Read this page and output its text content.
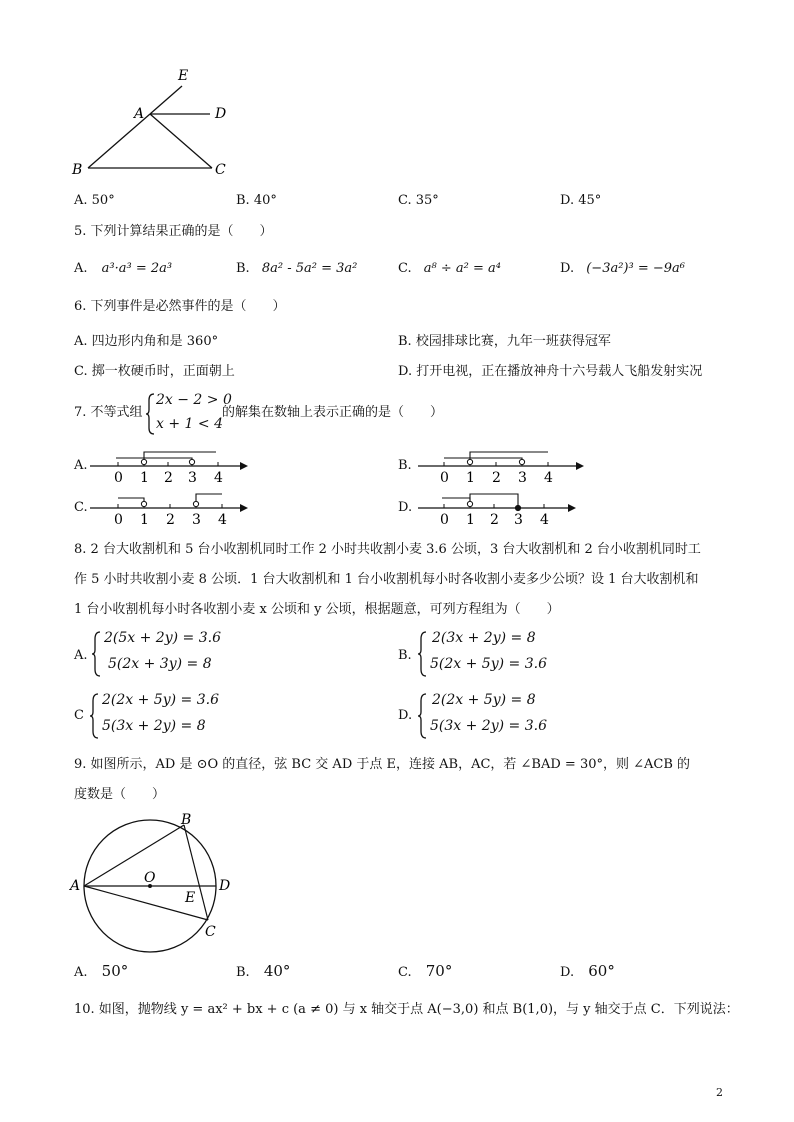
E
A	D
B	C
A. 50°	B. 40°	C. 35°	D. 45°
5. 下列计算结果正确的是（　　）
A. a³·a³ = 2a³	B. 8a² - 5a² = 3a²	C. a⁸ ÷ a² = a⁴	D. (−3a²)³ = −9a⁶
6. 下列事件是必然事件的是（　　）
A. 四边形内角和是 360°	B. 校园排球比赛，九年一班获得冠军
C. 掷一枚硬币时，正面朝上	D. 打开电视，正在播放神舟十六号载人飞船发射实况
7. 不等式组
2x − 2 > 0
x + 1 < 4
的解集在数轴上表示正确的是（　　）
A.
0 1 2 3 4
B.
0 1 2 3 4
C.
0 1 2 3 4
D.
0 1 2 3 4
8. 2 台大收割机和 5 台小收割机同时工作 2 小时共收割小麦 3.6 公顷，3 台大收割机和 2 台小收割机同时工
作 5 小时共收割小麦 8 公顷．1 台大收割机和 1 台小收割机每小时各收割小麦多少公顷？设 1 台大收割机和
1 台小收割机每小时各收割小麦 x 公顷和 y 公顷，根据题意，可列方程组为（　　）
A.
2(5x + 2y) = 3.6
5(2x + 3y) = 8
B.
2(3x + 2y) = 8
5(2x + 5y) = 3.6
C
2(2x + 5y) = 3.6
5(3x + 2y) = 8
D.
2(2x + 5y) = 8
5(3x + 2y) = 3.6
9. 如图所示，AD 是 ⊙O 的直径，弦 BC 交 AD 于点 E，连接 AB，AC，若 ∠BAD = 30°，则 ∠ACB 的
度数是（　　）
B
O
A	D
E
C
A. 50°	B. 40°	C. 70°	D. 60°
10. 如图，抛物线 y = ax² + bx + c (a ≠ 0) 与 x 轴交于点 A(−3,0) 和点 B(1,0)，与 y 轴交于点 C．下列说法：
2
